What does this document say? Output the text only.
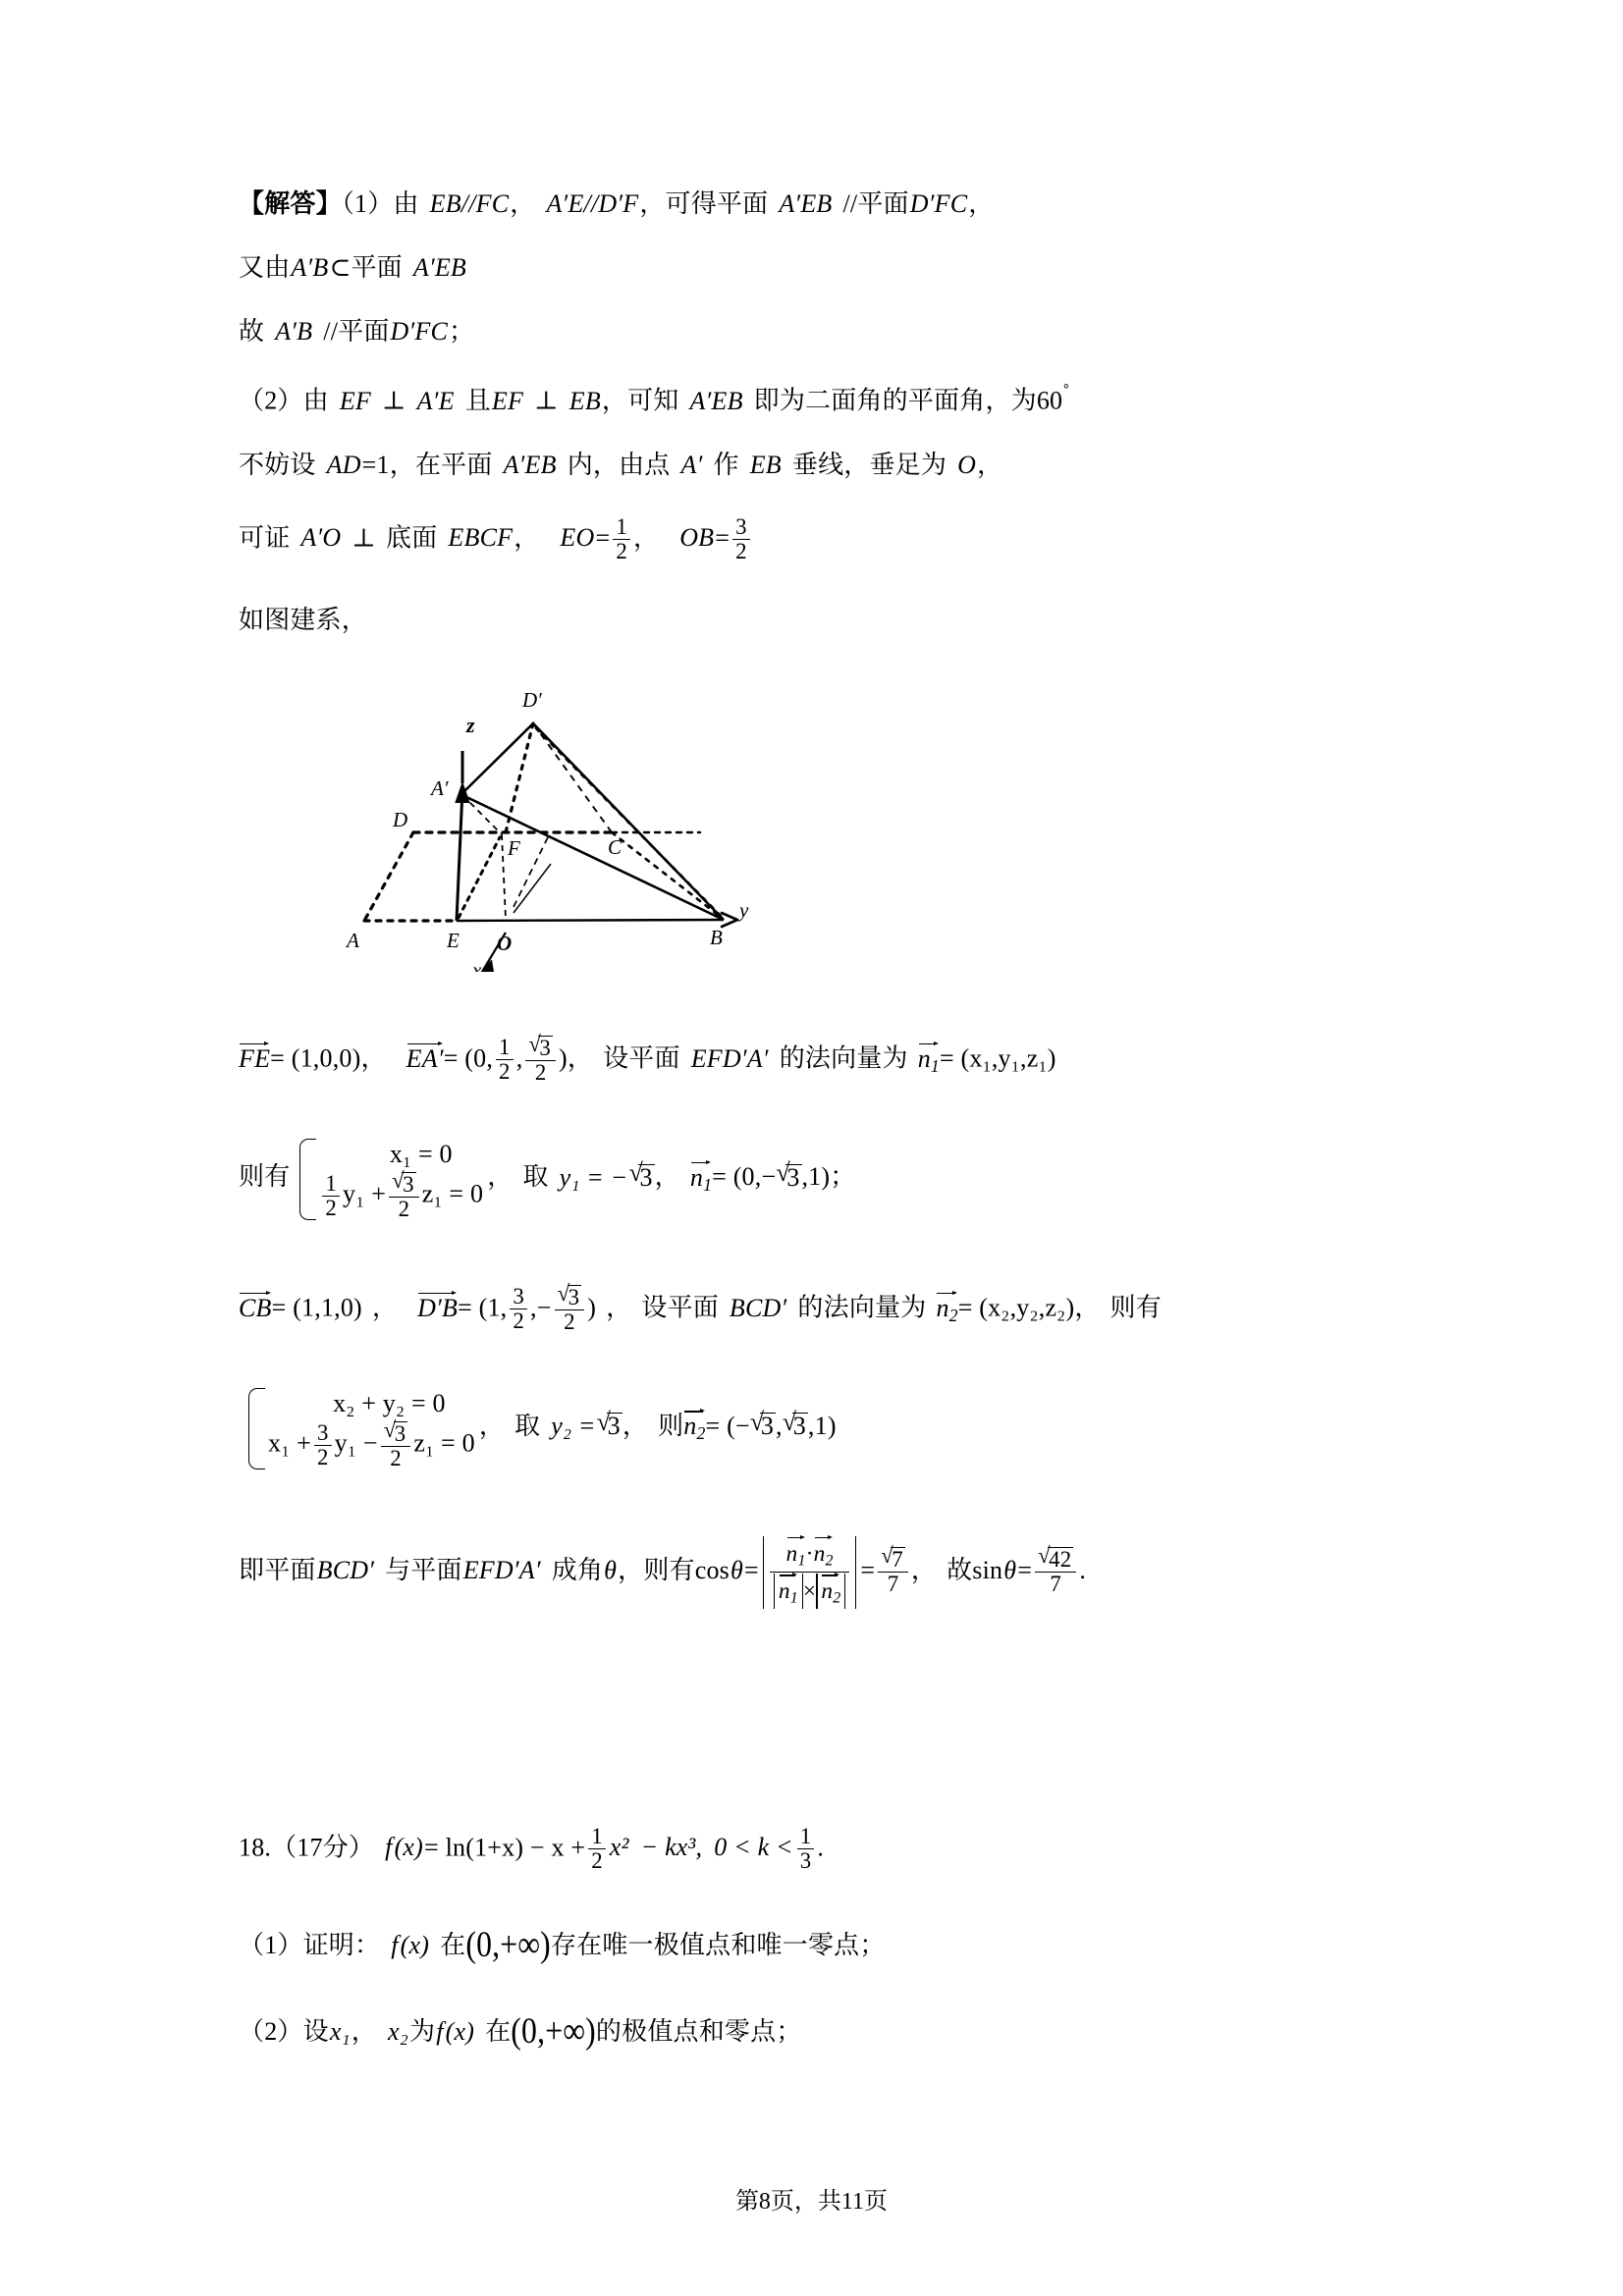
【解答】（1）由 EB//FC， A′E//D′F，可得平面 A′EB //平面D′FC，
又由A′B⊂平面 A′EB
故 A′B //平面D′FC；
（2）由 EF ⊥ A′E 且EF ⊥ EB，可知 A′EB 即为二面角的平面角，为60˚
不妨设 AD=1，在平面 A′EB 内，由点 A′ 作 EB 垂线，垂足为 O，
可证 A′O ⊥ 底面 EBCF， $EO= \frac{1}{2}$ ， $OB= \frac{3}{2}$
如图建系，
z
D′
A′
D
C
F
A	E O	B
y
x
FE= (1,0,0)， EA′= (0, $\frac{1}{2}$ , √ $\frac{3}{2}$ )， 设平面 EFD′A′ 的法向量为 $n_1= (x_1,y_1,z_1)$
则有
x₁ = 0
$\frac{1}{2} y_1$ + √ $\frac{3}{2} z_1 = 0$
， 取 y₁ = − √ 3， $n_1= (0,-$ √ 3,1)；
CB= (1,1,0) ， D′B= (1, $\frac{3}{2}$ ,− √ $\frac{3}{2}$ ) ， 设平面 BCD′ 的法向量为 $n_2= (x_2,y_2,z_2)$， 则有
x₂ + y₂ = 0
$x_1 + \frac{3}{2} y_1$ − √ $\frac{3}{2} z_1 = 0$
， 取 y₂ = √ 3， 则$n_2=$ (− √ 3, √ 3,1)
即平面BCD′ 与平面EFD′A′ 成角θ，则有$\cos\theta= \frac{n_1\cdot n_2}{n_1 \times n_2}$ = √ $\frac{7}{7}$ ， 故sinθ= √ $\frac{42}{7}$ .
18.（17分） $f(x)= \ln(1+x) - x + \frac{1}{2} x^2 - kx^3$, $0 < k < \frac{1}{3}$ .
（1）证明： f(x) 在(0,+∞)存在唯一极值点和唯一零点；
（2）设x₁， x₂为f(x) 在(0,+∞)的极值点和零点；
第8页，共11页
